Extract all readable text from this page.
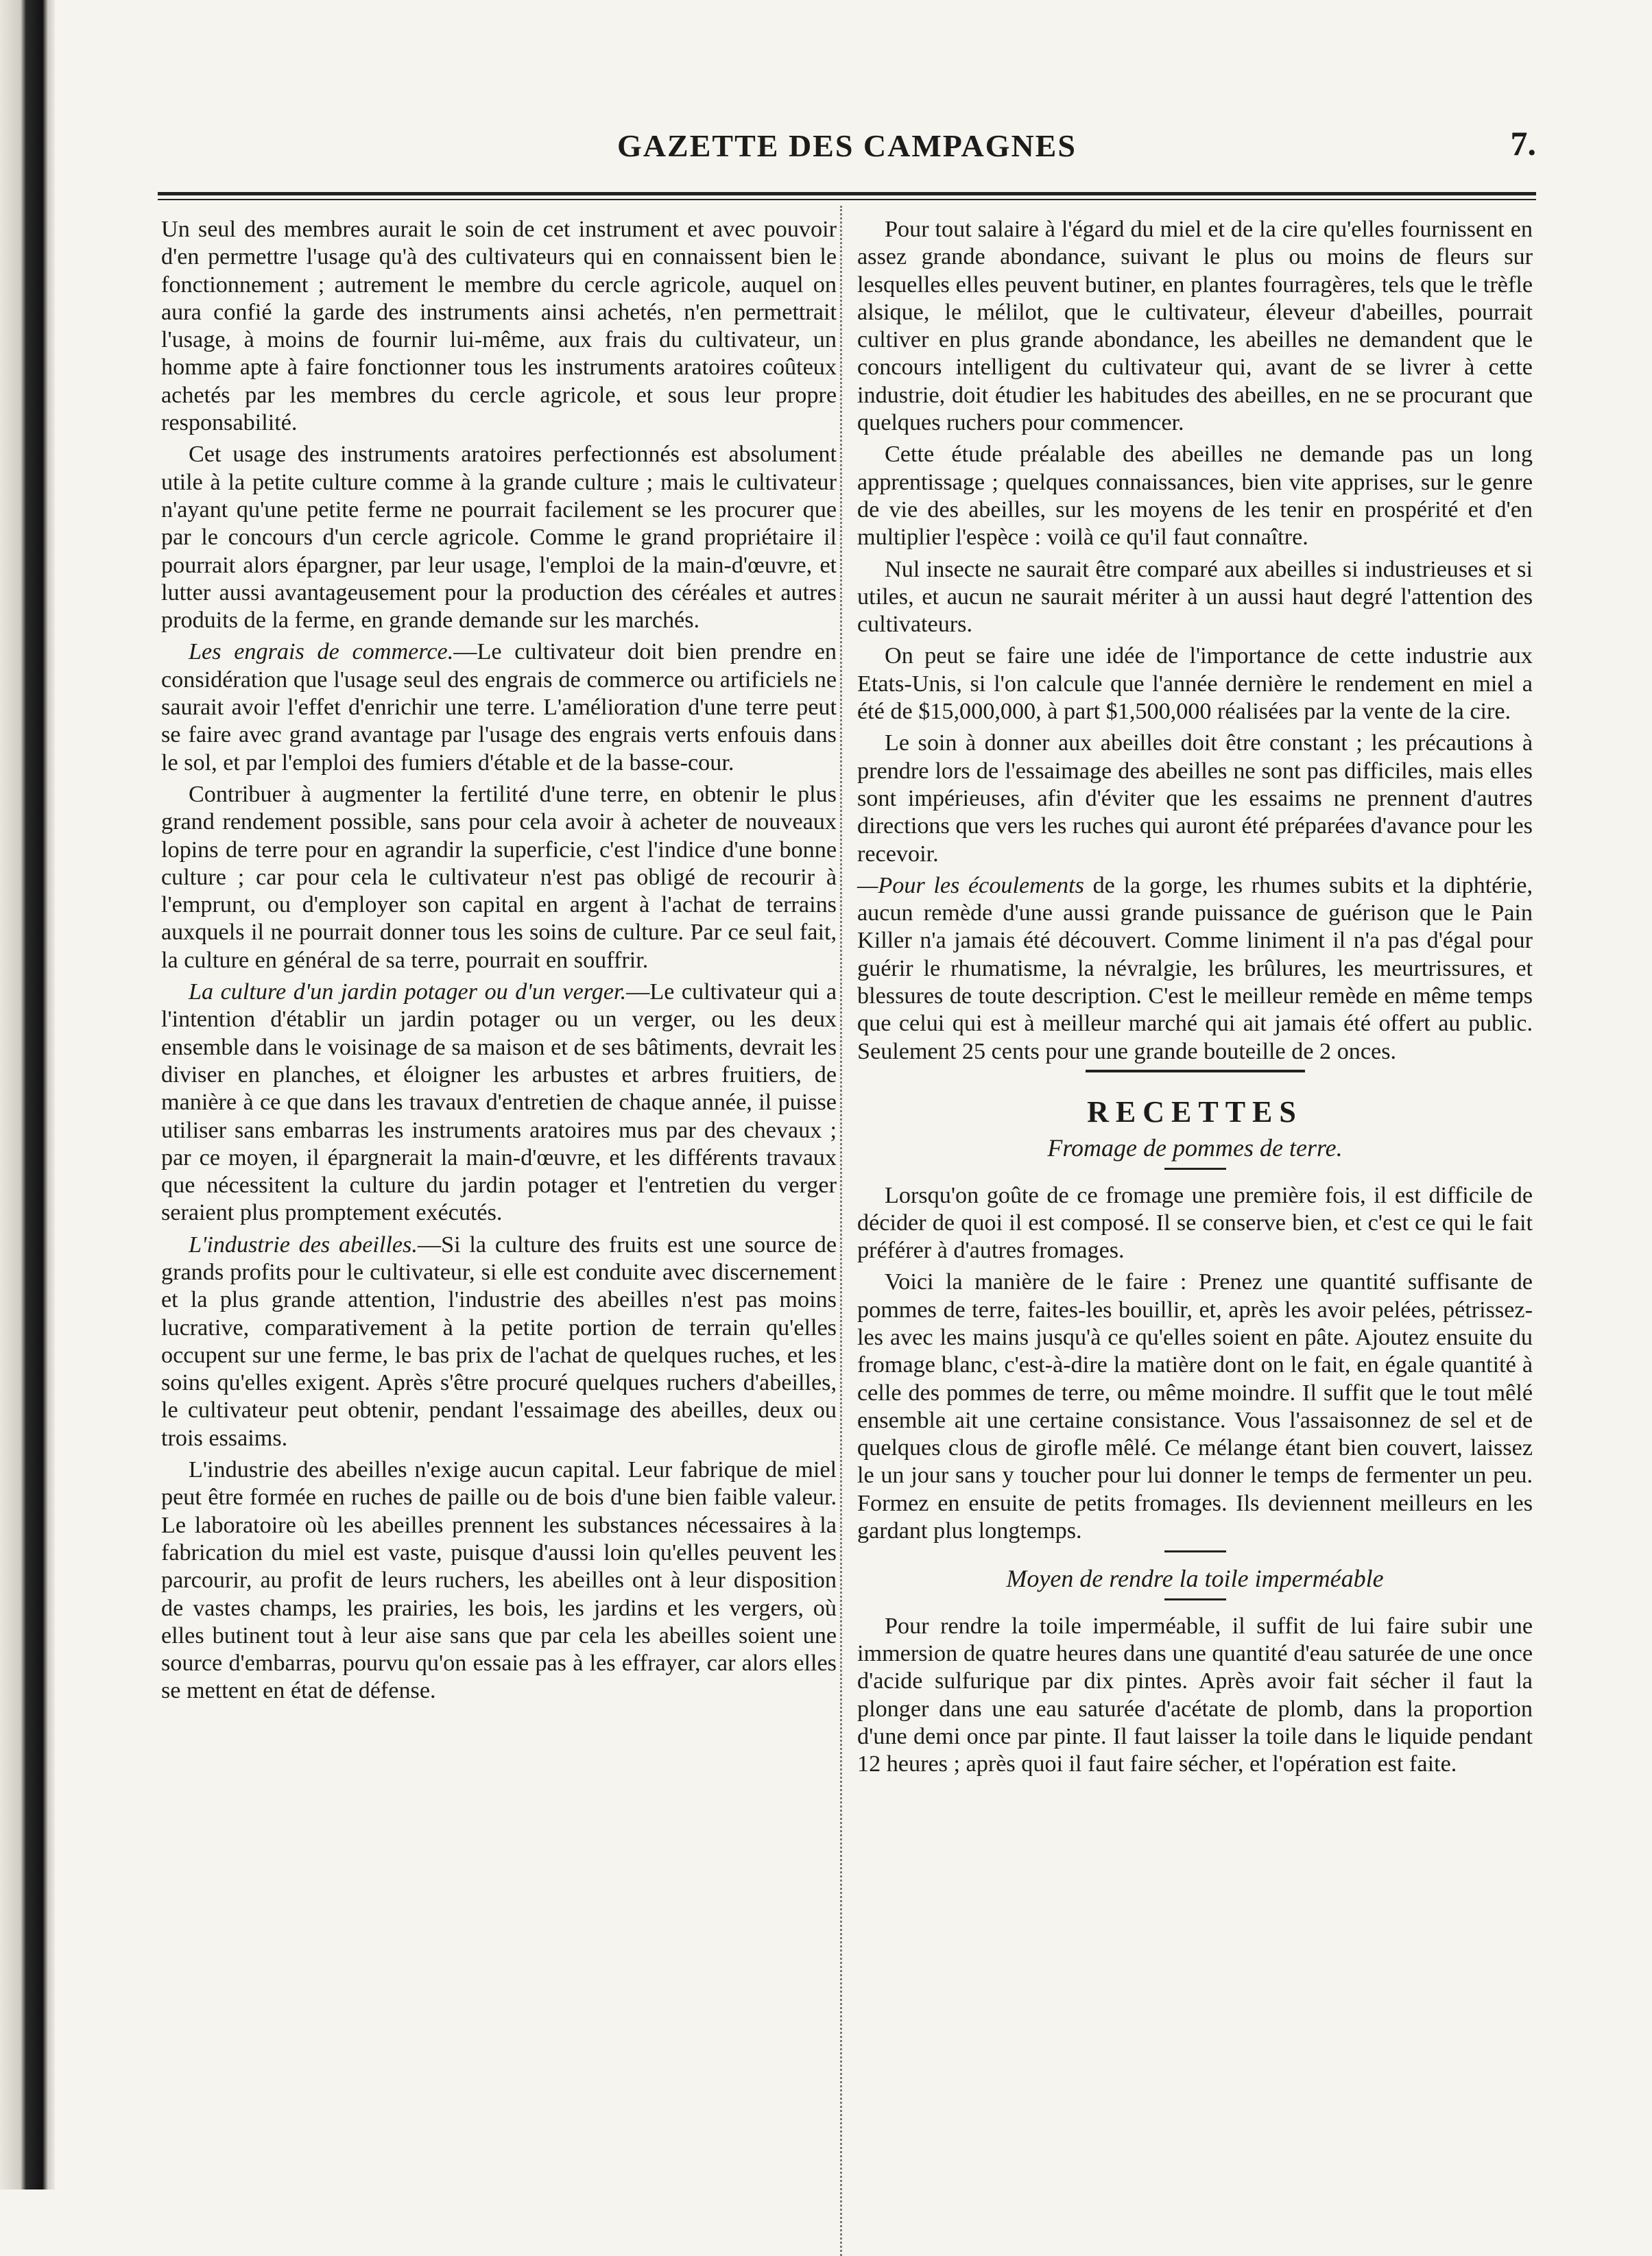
GAZETTE DES CAMPAGNES	7.

Un seul des membres aurait le soin de cet instrument et avec pouvoir d'en permettre l'usage qu'à des cultivateurs qui en connaissent bien le fonctionnement ; autrement le membre du cercle agricole, auquel on aura confié la garde des instruments ainsi achetés, n'en permettrait l'usage, à moins de fournir lui-même, aux frais du cultivateur, un homme apte à faire fonctionner tous les instruments aratoires coûteux achetés par les membres du cercle agricole, et sous leur propre responsabilité.

Cet usage des instruments aratoires perfectionnés est absolument utile à la petite culture comme à la grande culture ; mais le cultivateur n'ayant qu'une petite ferme ne pourrait facilement se les procurer que par le concours d'un cercle agricole. Comme le grand propriétaire il pourrait alors épargner, par leur usage, l'emploi de la main-d'œuvre, et lutter aussi avantageusement pour la production des céréales et autres produits de la ferme, en grande demande sur les marchés.

Les engrais de commerce.—Le cultivateur doit bien prendre en considération que l'usage seul des engrais de commerce ou artificiels ne saurait avoir l'effet d'enrichir une terre. L'amélioration d'une terre peut se faire avec grand avantage par l'usage des engrais verts enfouis dans le sol, et par l'emploi des fumiers d'étable et de la basse-cour.

Contribuer à augmenter la fertilité d'une terre, en obtenir le plus grand rendement possible, sans pour cela avoir à acheter de nouveaux lopins de terre pour en agrandir la superficie, c'est l'indice d'une bonne culture ; car pour cela le cultivateur n'est pas obligé de recourir à l'emprunt, ou d'employer son capital en argent à l'achat de terrains auxquels il ne pourrait donner tous les soins de culture. Par ce seul fait, la culture en général de sa terre, pourrait en souffrir.

La culture d'un jardin potager ou d'un verger.—Le cultivateur qui a l'intention d'établir un jardin potager ou un verger, ou les deux ensemble dans le voisinage de sa maison et de ses bâtiments, devrait les diviser en planches, et éloigner les arbustes et arbres fruitiers, de manière à ce que dans les travaux d'entretien de chaque année, il puisse utiliser sans embarras les instruments aratoires mus par des chevaux ; par ce moyen, il épargnerait la main-d'œuvre, et les différents travaux que nécessitent la culture du jardin potager et l'entretien du verger seraient plus promptement exécutés.

L'industrie des abeilles.—Si la culture des fruits est une source de grands profits pour le cultivateur, si elle est conduite avec discernement et la plus grande attention, l'industrie des abeilles n'est pas moins lucrative, comparativement à la petite portion de terrain qu'elles occupent sur une ferme, le bas prix de l'achat de quelques ruches, et les soins qu'elles exigent. Après s'être procuré quelques ruchers d'abeilles, le cultivateur peut obtenir, pendant l'essaimage des abeilles, deux ou trois essaims.

L'industrie des abeilles n'exige aucun capital. Leur fabrique de miel peut être formée en ruches de paille ou de bois d'une bien faible valeur. Le laboratoire où les abeilles prennent les substances nécessaires à la fabrication du miel est vaste, puisque d'aussi loin qu'elles peuvent les parcourir, au profit de leurs ruchers, les abeilles ont à leur disposition de vastes champs, les prairies, les bois, les jardins et les vergers, où elles butinent tout à leur aise sans que par cela les abeilles soient une source d'embarras, pourvu qu'on essaie pas à les effrayer, car alors elles se mettent en état de défense.

Pour tout salaire à l'égard du miel et de la cire qu'elles fournissent en assez grande abondance, suivant le plus ou moins de fleurs sur lesquelles elles peuvent butiner, en plantes fourragères, tels que le trèfle alsique, le mélilot, que le cultivateur, éleveur d'abeilles, pourrait cultiver en plus grande abondance, les abeilles ne demandent que le concours intelligent du cultivateur qui, avant de se livrer à cette industrie, doit étudier les habitudes des abeilles, en ne se procurant que quelques ruchers pour commencer.

Cette étude préalable des abeilles ne demande pas un long apprentissage ; quelques connaissances, bien vite apprises, sur le genre de vie des abeilles, sur les moyens de les tenir en prospérité et d'en multiplier l'espèce : voilà ce qu'il faut connaître.

Nul insecte ne saurait être comparé aux abeilles si industrieuses et si utiles, et aucun ne saurait mériter à un aussi haut degré l'attention des cultivateurs.

On peut se faire une idée de l'importance de cette industrie aux Etats-Unis, si l'on calcule que l'année dernière le rendement en miel a été de $15,000,000, à part $1,500,000 réalisées par la vente de la cire.

Le soin à donner aux abeilles doit être constant ; les précautions à prendre lors de l'essaimage des abeilles ne sont pas difficiles, mais elles sont impérieuses, afin d'éviter que les essaims ne prennent d'autres directions que vers les ruches qui auront été préparées d'avance pour les recevoir.

—Pour les écoulements de la gorge, les rhumes subits et la diphtérie, aucun remède d'une aussi grande puissance de guérison que le Pain Killer n'a jamais été découvert. Comme liniment il n'a pas d'égal pour guérir le rhumatisme, la névralgie, les brûlures, les meurtrissures, et blessures de toute description. C'est le meilleur remède en même temps que celui qui est à meilleur marché qui ait jamais été offert au public. Seulement 25 cents pour une grande bouteille de 2 onces.

RECETTES
Fromage de pommes de terre.

Lorsqu'on goûte de ce fromage une première fois, il est difficile de décider de quoi il est composé. Il se conserve bien, et c'est ce qui le fait préférer à d'autres fromages.

Voici la manière de le faire : Prenez une quantité suffisante de pommes de terre, faites-les bouillir, et, après les avoir pelées, pétrissez-les avec les mains jusqu'à ce qu'elles soient en pâte. Ajoutez ensuite du fromage blanc, c'est-à-dire la matière dont on le fait, en égale quantité à celle des pommes de terre, ou même moindre. Il suffit que le tout mêlé ensemble ait une certaine consistance. Vous l'assaisonnez de sel et de quelques clous de girofle mêlé. Ce mélange étant bien couvert, laissez le un jour sans y toucher pour lui donner le temps de fermenter un peu. Formez en ensuite de petits fromages. Ils deviennent meilleurs en les gardant plus longtemps.

Moyen de rendre la toile imperméable

Pour rendre la toile imperméable, il suffit de lui faire subir une immersion de quatre heures dans une quantité d'eau saturée de une once d'acide sulfurique par dix pintes. Après avoir fait sécher il faut la plonger dans une eau saturée d'acétate de plomb, dans la proportion d'une demi once par pinte. Il faut laisser la toile dans le liquide pendant 12 heures ; après quoi il faut faire sécher, et l'opération est faite.
